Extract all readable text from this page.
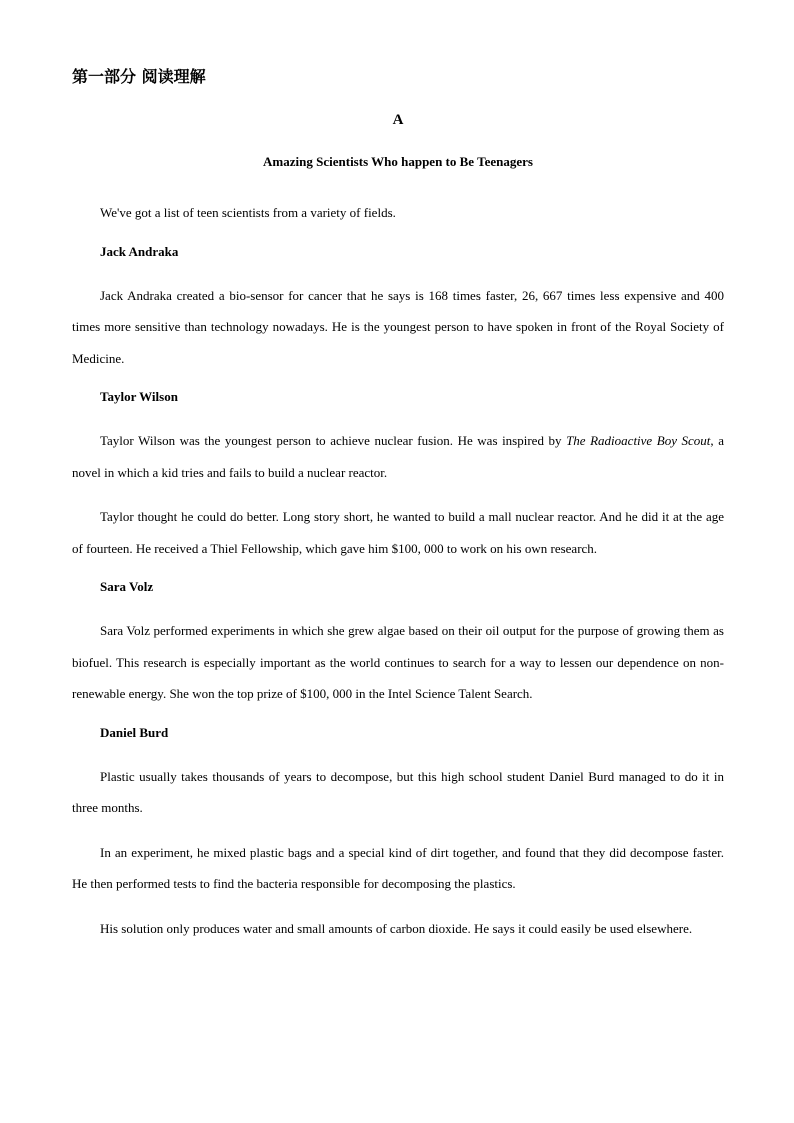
第一部分 阅读理解
A
Amazing Scientists Who happen to Be Teenagers

We've got a list of teen scientists from a variety of fields.

Jack Andraka

Jack Andraka created a bio-sensor for cancer that he says is 168 times faster, 26, 667 times less expensive and 400 times more sensitive than technology nowadays. He is the youngest person to have spoken in front of the Royal Society of Medicine.

Taylor Wilson

Taylor Wilson was the youngest person to achieve nuclear fusion. He was inspired by The Radioactive Boy Scout, a novel in which a kid tries and fails to build a nuclear reactor.

Taylor thought he could do better. Long story short, he wanted to build a mall nuclear reactor. And he did it at the age of fourteen. He received a Thiel Fellowship, which gave him $100, 000 to work on his own research.

Sara Volz

Sara Volz performed experiments in which she grew algae based on their oil output for the purpose of growing them as biofuel. This research is especially important as the world continues to search for a way to lessen our dependence on non-renewable energy. She won the top prize of $100, 000 in the Intel Science Talent Search.

Daniel Burd

Plastic usually takes thousands of years to decompose, but this high school student Daniel Burd managed to do it in three months.

In an experiment, he mixed plastic bags and a special kind of dirt together, and found that they did decompose faster. He then performed tests to find the bacteria responsible for decomposing the plastics.

His solution only produces water and small amounts of carbon dioxide. He says it could easily be used elsewhere.
